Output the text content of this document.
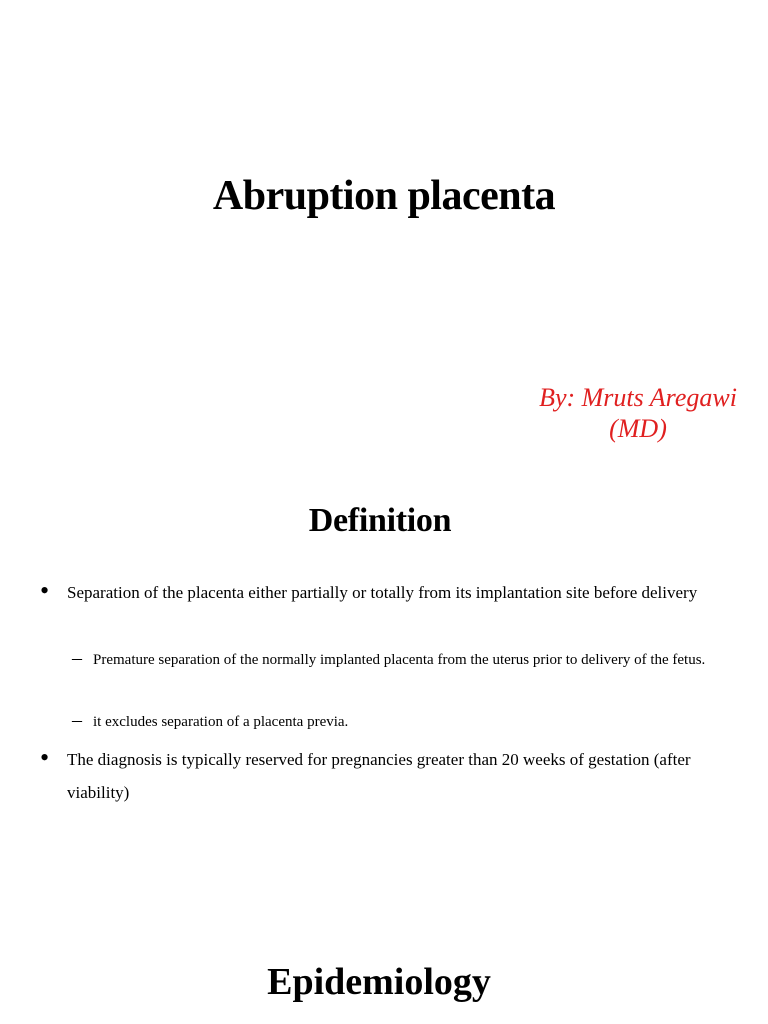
Abruption placenta
By: Mruts Aregawi
(MD)
Definition
• Separation of the placenta either partially or totally from its implantation site before delivery
– Premature separation of the normally implanted placenta from the uterus prior to delivery of the fetus.
– it excludes separation of a placenta previa.
• The diagnosis is typically reserved for pregnancies greater than 20 weeks of gestation (after viability)
Epidemiology
